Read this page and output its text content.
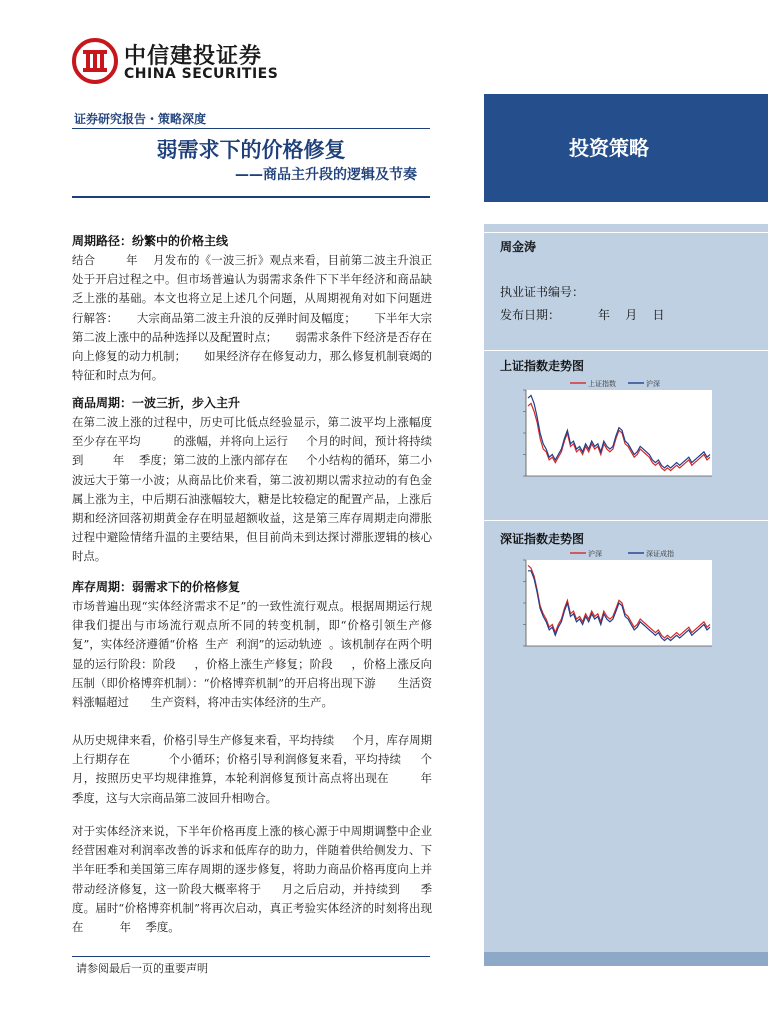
中信建投证券
CHINA SECURITIES
证券研究报告・策略深度
弱需求下的价格修复
——商品主升段的逻辑及节奏
投资策略
周金涛
执业证书编号：
发布日期：	年    月    日
上证指数走势图
上证指数	沪深
深证指数走势图
沪深	深证成指
周期路径：纷繁中的价格主线

结合        年    月发布的《一波三折》观点来看，目前第二波主升浪正处于开启过程之中。但市场普遍认为弱需求条件下下半年经济和商品缺乏上涨的基础。本文也将立足上述几个问题，从周期视角对如下问题进行解答：     大宗商品第二波主升浪的反弹时间及幅度；     下半年大宗第二波上涨中的品种选择以及配置时点；     弱需求条件下经济是否存在向上修复的动力机制；     如果经济存在修复动力，那么修复机制衰竭的特征和时点为何。

商品周期：一波三折，步入主升

在第二波上涨的过程中，历史可比低点经验显示，第二波平均上涨幅度至少存在平均         的涨幅，并将向上运行     个月的时间，预计将持续到        年    季度；第二波的上涨内部存在     个小结构的循环，第二小波远大于第一小波；从商品比价来看，第二波初期以需求拉动的有色金属上涨为主，中后期石油涨幅较大，糖是比较稳定的配置产品，上涨后期和经济回落初期黄金存在明显超额收益，这是第三库存周期走向滞胀过程中避险情绪升温的主要结果，但目前尚未到达探讨滞胀逻辑的核心时点。

库存周期：弱需求下的价格修复

市场普遍出现“实体经济需求不足”的一致性流行观点。根据周期运行规律我们提出与市场流行观点所不同的转变机制，即“价格引领生产修复”，实体经济遵循“价格  生产  利润”的运动轨迹  。该机制存在两个明显的运行阶段：阶段     ，价格上涨生产修复；阶段     ，价格上涨反向压制（即价格博弈机制）：“价格博弈机制”的开启将出现下游      生活资料涨幅超过      生产资料，将冲击实体经济的生产。

从历史规律来看，价格引导生产修复来看，平均持续     个月，库存周期上行期存在          个小循环；价格引导利润修复来看，平均持续     个月，按照历史平均规律推算，本轮利润修复预计高点将出现在        年    季度，这与大宗商品第二波回升相吻合。

对于实体经济来说，下半年价格再度上涨的核心源于中周期调整中企业经营困难对利润率改善的诉求和低库存的助力，伴随着供给侧发力、下半年旺季和美国第三库存周期的逐步修复，将助力商品价格再度向上并带动经济修复，这一阶段大概率将于     月之后启动，并持续到     季度。届时“价格博弈机制”将再次启动，真正考验实体经济的时刻将出现在          年    季度。

请参阅最后一页的重要声明
